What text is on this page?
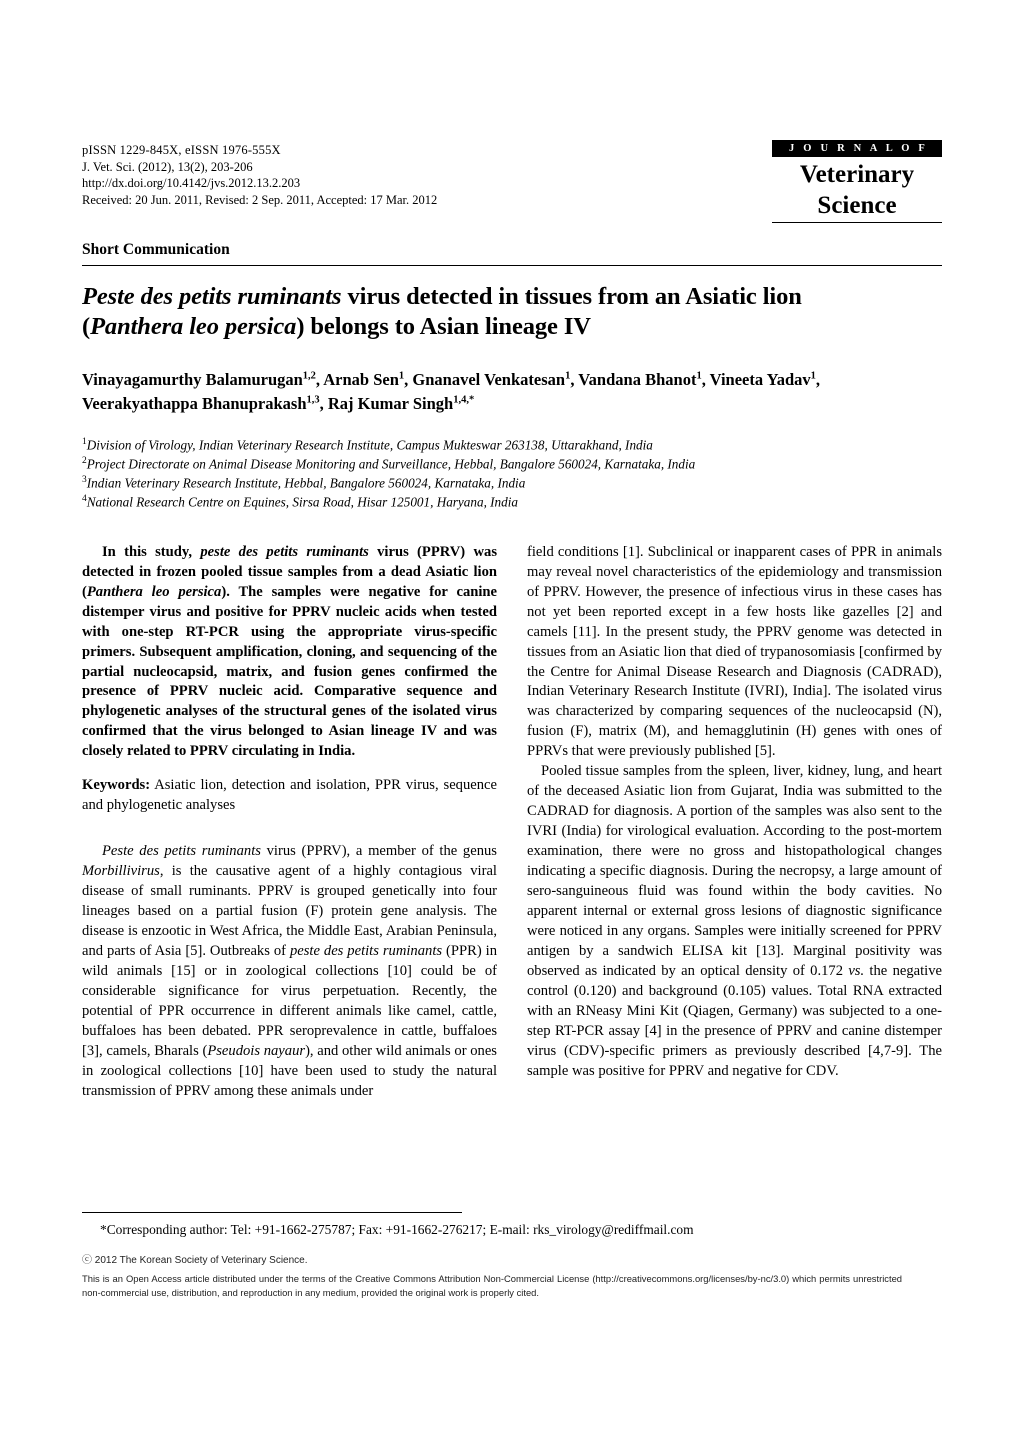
pISSN 1229-845X, eISSN 1976-555X
J. Vet. Sci. (2012), 13(2), 203-206
http://dx.doi.org/10.4142/jvs.2012.13.2.203
Received: 20 Jun. 2011, Revised: 2 Sep. 2011, Accepted: 17 Mar. 2012
J O U R N A L O F
Veterinary
Science
Short Communication
Peste des petits ruminants virus detected in tissues from an Asiatic lion
(Panthera leo persica) belongs to Asian lineage IV
Vinayagamurthy Balamurugan$^{1,2}$, Arnab Sen$^1$, Gnanavel Venkatesan$^1$, Vandana Bhanot$^1$, Vineeta Yadav$^1$,
Veerakyathappa Bhanuprakash$^{1,3}$, Raj Kumar Singh$^{1,4,*}$
$^1$Division of Virology, Indian Veterinary Research Institute, Campus Mukteswar 263138, Uttarakhand, India
$^2$Project Directorate on Animal Disease Monitoring and Surveillance, Hebbal, Bangalore 560024, Karnataka, India
$^3$Indian Veterinary Research Institute, Hebbal, Bangalore 560024, Karnataka, India
$^4$National Research Centre on Equines, Sirsa Road, Hisar 125001, Haryana, India

In this study, peste des petits ruminants virus (PPRV) was detected in frozen pooled tissue samples from a dead Asiatic lion (Panthera leo persica). The samples were negative for canine distemper virus and positive for PPRV nucleic acids when tested with one-step RT-PCR using the appropriate virus-specific primers. Subsequent amplification, cloning, and sequencing of the partial nucleocapsid, matrix, and fusion genes confirmed the presence of PPRV nucleic acid. Comparative sequence and phylogenetic analyses of the structural genes of the isolated virus confirmed that the virus belonged to Asian lineage IV and was closely related to PPRV circulating in India.

Keywords: Asiatic lion, detection and isolation, PPR virus, sequence and phylogenetic analyses

Peste des petits ruminants virus (PPRV), a member of the genus Morbillivirus, is the causative agent of a highly contagious viral disease of small ruminants. PPRV is grouped genetically into four lineages based on a partial fusion (F) protein gene analysis. The disease is enzootic in West Africa, the Middle East, Arabian Peninsula, and parts of Asia [5]. Outbreaks of peste des petits ruminants (PPR) in wild animals [15] or in zoological collections [10] could be of considerable significance for virus perpetuation. Recently, the potential of PPR occurrence in different animals like camel, cattle, buffaloes has been debated. PPR seroprevalence in cattle, buffaloes [3], camels, Bharals (Pseudois nayaur), and other wild animals or ones in zoological collections [10] have been used to study the natural transmission of PPRV among these animals under

field conditions [1]. Subclinical or inapparent cases of PPR in animals may reveal novel characteristics of the epidemiology and transmission of PPRV. However, the presence of infectious virus in these cases has not yet been reported except in a few hosts like gazelles [2] and camels [11]. In the present study, the PPRV genome was detected in tissues from an Asiatic lion that died of trypanosomiasis [confirmed by the Centre for Animal Disease Research and Diagnosis (CADRAD), Indian Veterinary Research Institute (IVRI), India]. The isolated virus was characterized by comparing sequences of the nucleocapsid (N), fusion (F), matrix (M), and hemagglutinin (H) genes with ones of PPRVs that were previously published [5].

Pooled tissue samples from the spleen, liver, kidney, lung, and heart of the deceased Asiatic lion from Gujarat, India was submitted to the CADRAD for diagnosis. A portion of the samples was also sent to the IVRI (India) for virological evaluation. According to the post-mortem examination, there were no gross and histopathological changes indicating a specific diagnosis. During the necropsy, a large amount of sero-sanguineous fluid was found within the body cavities. No apparent internal or external gross lesions of diagnostic significance were noticed in any organs. Samples were initially screened for PPRV antigen by a sandwich ELISA kit [13]. Marginal positivity was observed as indicated by an optical density of 0.172 vs. the negative control (0.120) and background (0.105) values. Total RNA extracted with an RNeasy Mini Kit (Qiagen, Germany) was subjected to a one-step RT-PCR assay [4] in the presence of PPRV and canine distemper virus (CDV)-specific primers as previously described [4,7-9]. The sample was positive for PPRV and negative for CDV.

*Corresponding author: Tel: +91-1662-275787; Fax: +91-1662-276217; E-mail: rks_virology@rediffmail.com
ⓒ 2012 The Korean Society of Veterinary Science.
This is an Open Access article distributed under the terms of the Creative Commons Attribution Non-Commercial License (http://creativecommons.org/licenses/by-nc/3.0) which permits unrestricted non-commercial use, distribution, and reproduction in any medium, provided the original work is properly cited.
